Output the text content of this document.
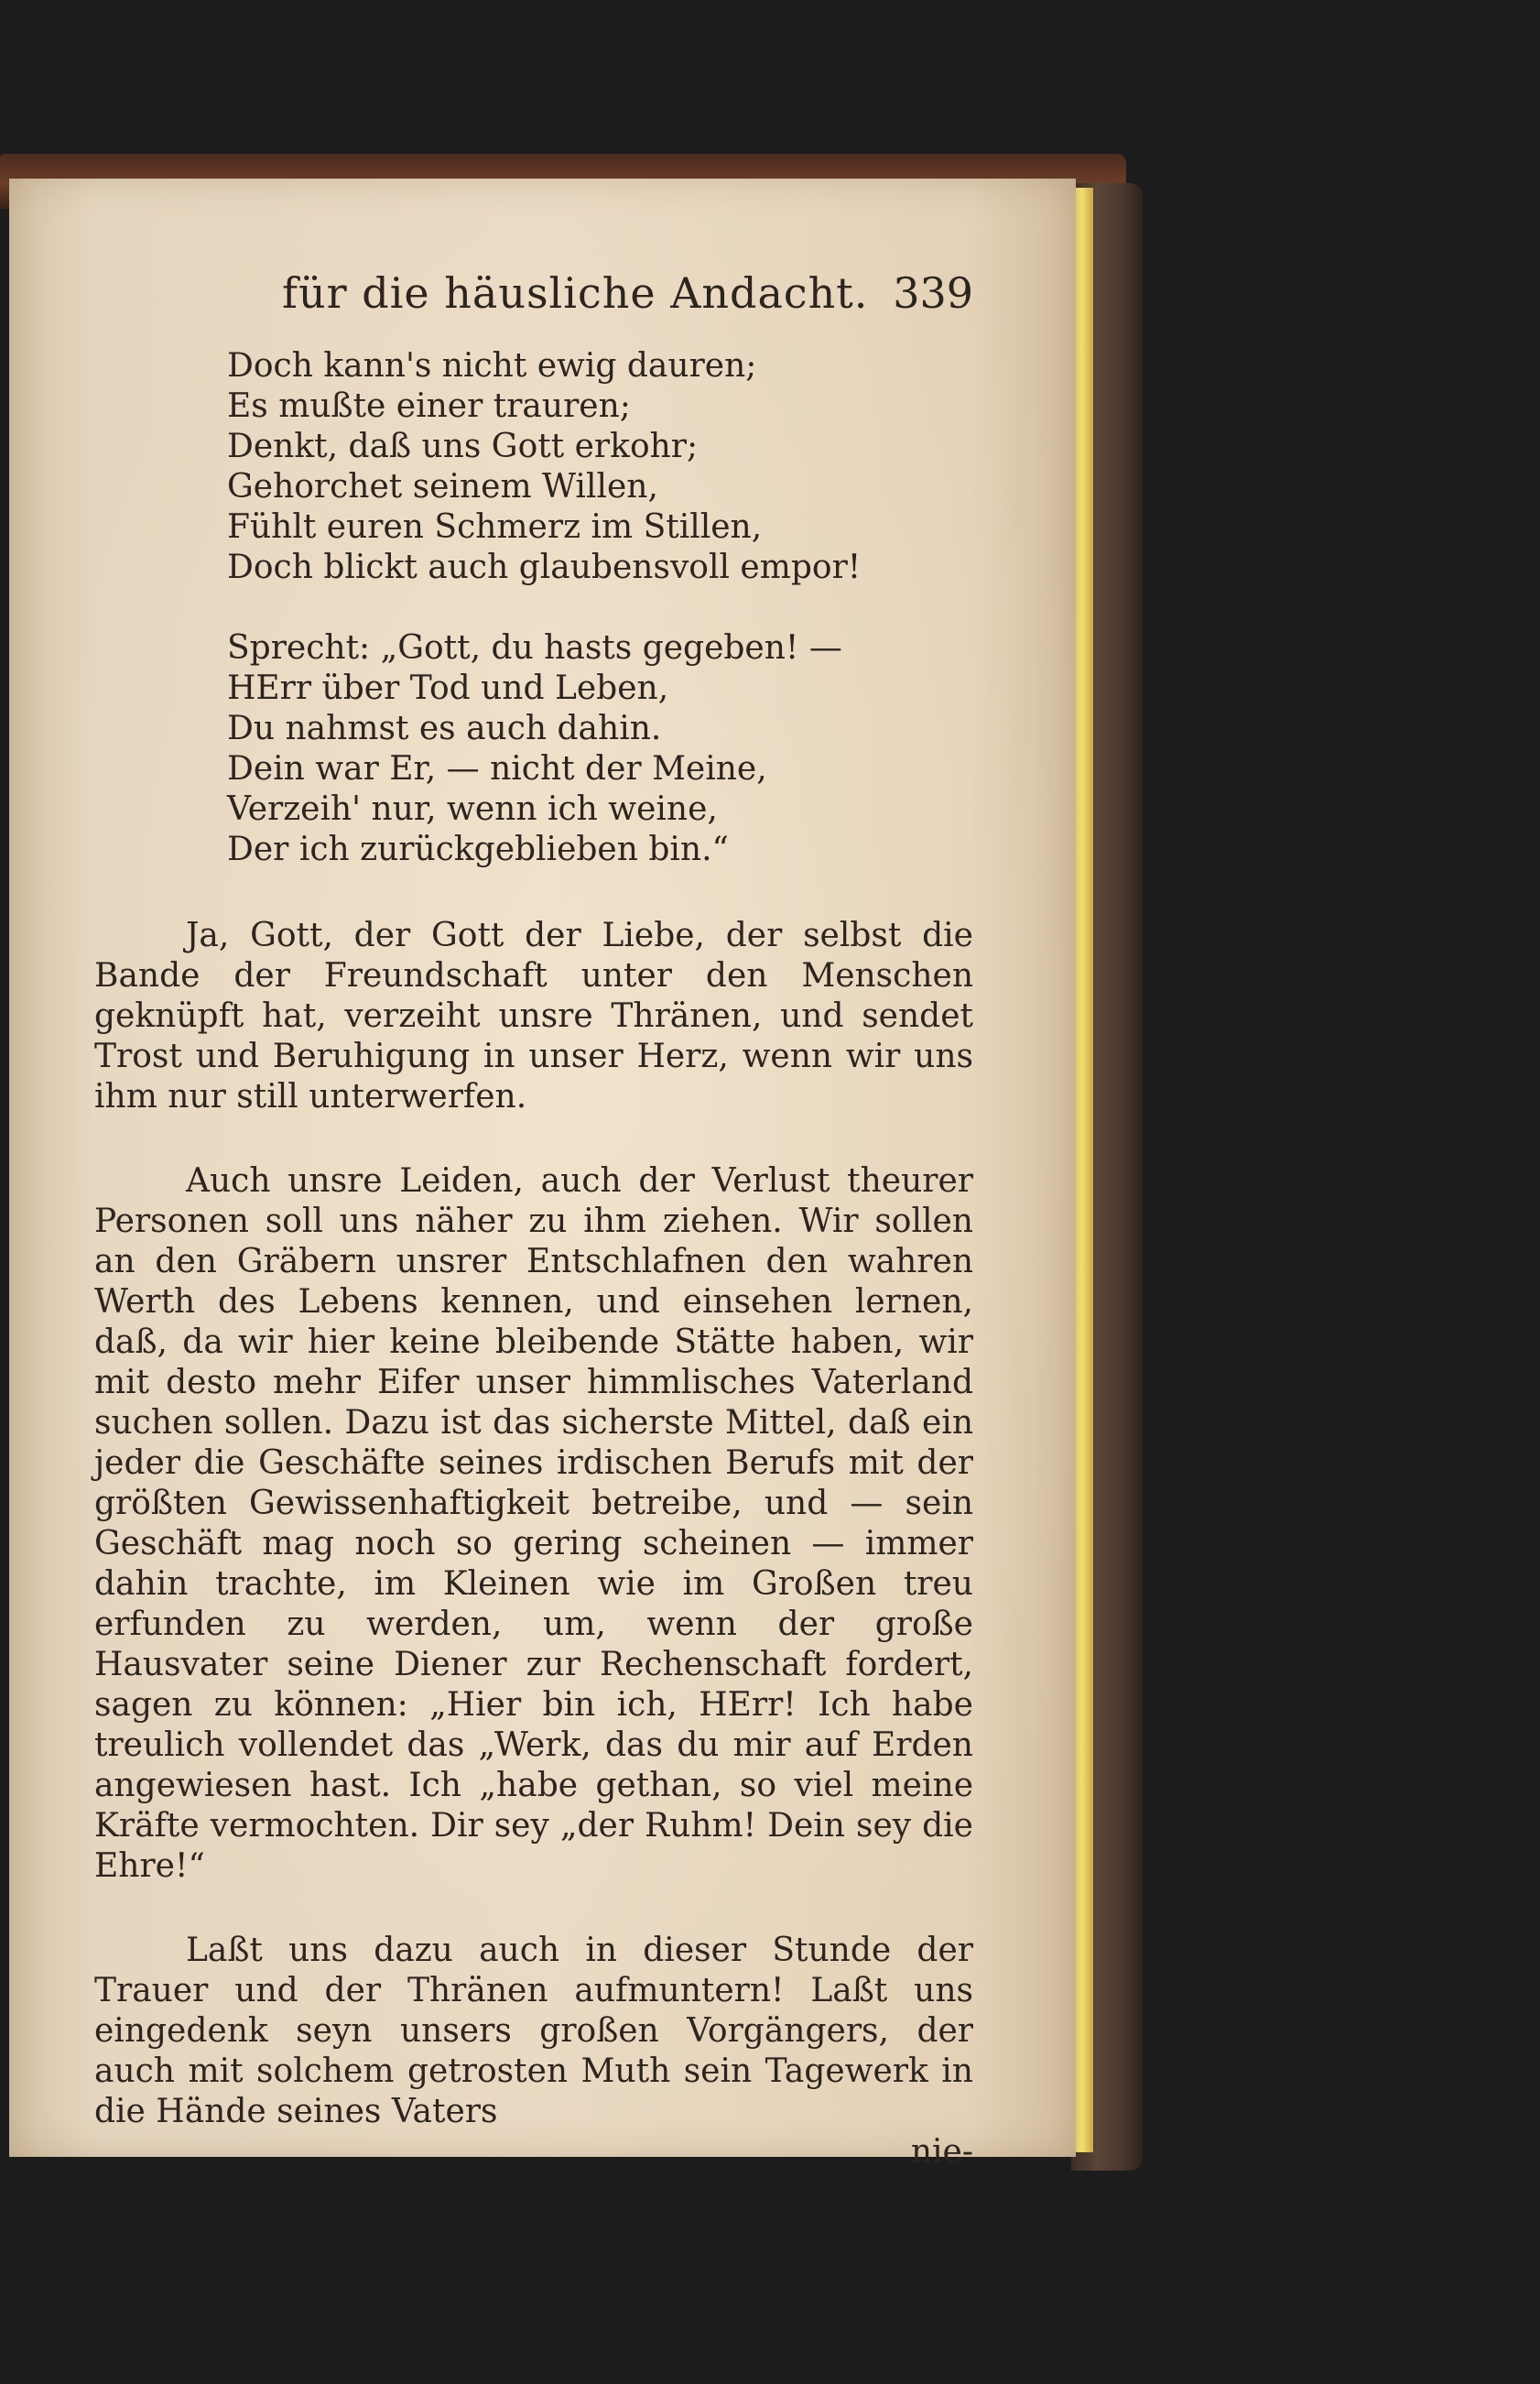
für die häusliche Andacht. 339
Doch kann's nicht ewig dauren;
Es mußte einer trauren;
Denkt, daß uns Gott erkohr;
Gehorchet seinem Willen,
Fühlt euren Schmerz im Stillen,
Doch blickt auch glaubensvoll empor!
Sprecht: „Gott, du hasts gegeben! —
HErr über Tod und Leben,
Du nahmst es auch dahin.
Dein war Er, — nicht der Meine,
Verzeih' nur, wenn ich weine,
Der ich zurückgeblieben bin.“

Ja, Gott, der Gott der Liebe, der selbst die Bande der Freundschaft unter den Menschen geknüpft hat, verzeiht unsre Thränen, und sendet Trost und Beruhigung in unser Herz, wenn wir uns ihm nur still unterwerfen.

Auch unsre Leiden, auch der Verlust theurer Personen soll uns näher zu ihm ziehen. Wir sollen an den Gräbern unsrer Entschlafnen den wahren Werth des Lebens kennen, und einsehen lernen, daß, da wir hier keine bleibende Stätte haben, wir mit desto mehr Eifer unser himmlisches Vaterland suchen sollen. Dazu ist das sicherste Mittel, daß ein jeder die Geschäfte seines irdischen Berufs mit der größten Gewissenhaftigkeit betreibe, und — sein Geschäft mag noch so gering scheinen — immer dahin trachte, im Kleinen wie im Großen treu erfunden zu werden, um, wenn der große Hausvater seine Diener zur Rechenschaft fordert, sagen zu können: „Hier bin ich, HErr! Ich habe treulich vollendet das „Werk, das du mir auf Erden angewiesen hast. Ich „habe gethan, so viel meine Kräfte vermochten. Dir sey „der Ruhm! Dein sey die Ehre!“

Laßt uns dazu auch in dieser Stunde der Trauer und der Thränen aufmuntern! Laßt uns eingedenk seyn unsers großen Vorgängers, der auch mit solchem getrosten Muth sein Tagewerk in die Hände seines Vaters

nie-
